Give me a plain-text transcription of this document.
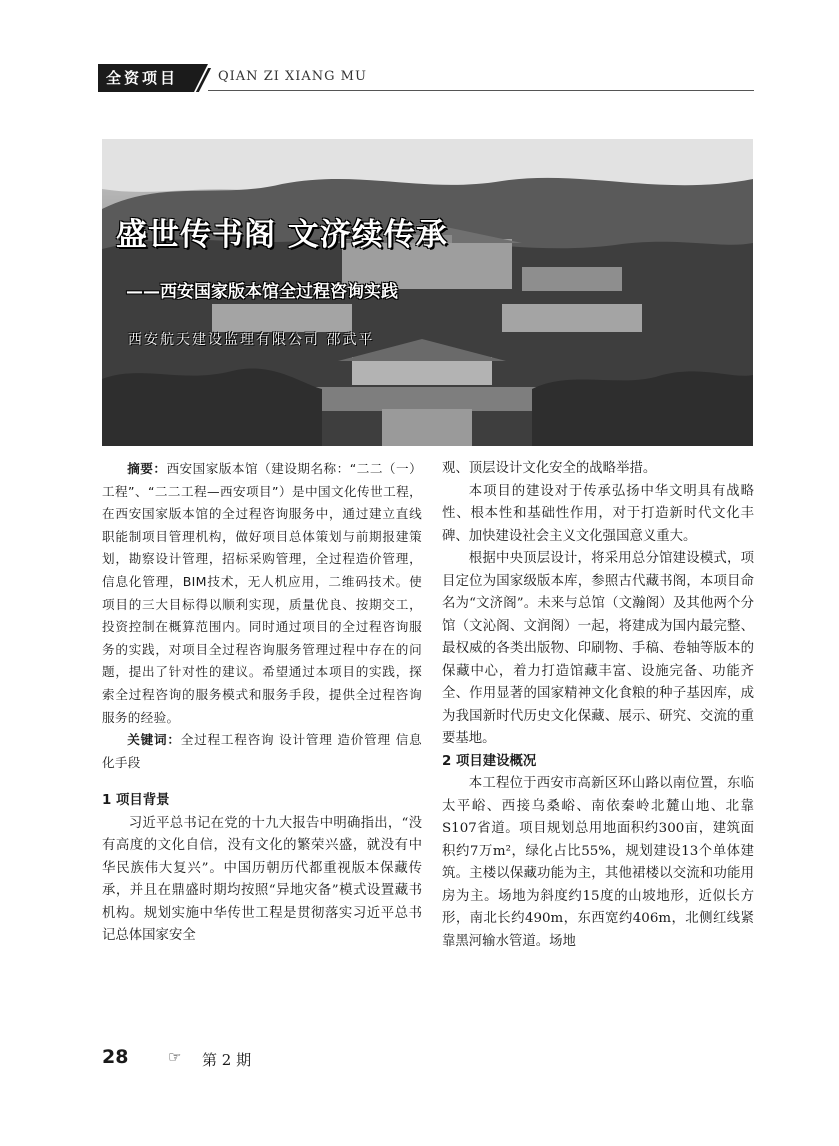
全资项目	QIAN ZI XIANG MU
盛世传书阁 文济续传承
——西安国家版本馆全过程咨询实践
西安航天建设监理有限公司 邵武平

摘要：西安国家版本馆（建设期名称：“二二（一）工程”、“二二工程—西安项目”）是中国文化传世工程，在西安国家版本馆的全过程咨询服务中，通过建立直线职能制项目管理机构，做好项目总体策划与前期报建策划，勘察设计管理，招标采购管理，全过程造价管理，信息化管理，BIM技术，无人机应用，二维码技术。使项目的三大目标得以顺利实现，质量优良、按期交工，投资控制在概算范围内。同时通过项目的全过程咨询服务的实践，对项目全过程咨询服务管理过程中存在的问题，提出了针对性的建议。希望通过本项目的实践，探索全过程咨询的服务模式和服务手段，提供全过程咨询服务的经验。

关键词：全过程工程咨询 设计管理 造价管理 信息化手段

1 项目背景

习近平总书记在党的十九大报告中明确指出，“没有高度的文化自信，没有文化的繁荣兴盛，就没有中华民族伟大复兴”。中国历朝历代都重视版本保藏传承，并且在鼎盛时期均按照“异地灾备”模式设置藏书机构。规划实施中华传世工程是贯彻落实习近平总书记总体国家安全

观、顶层设计文化安全的战略举措。

本项目的建设对于传承弘扬中华文明具有战略性、根本性和基础性作用，对于打造新时代文化丰碑、加快建设社会主义文化强国意义重大。

根据中央顶层设计，将采用总分馆建设模式，项目定位为国家级版本库，参照古代藏书阁，本项目命名为“文济阁”。未来与总馆（文瀚阁）及其他两个分馆（文沁阁、文润阁）一起，将建成为国内最完整、最权威的各类出版物、印刷物、手稿、卷轴等版本的保藏中心，着力打造馆藏丰富、设施完备、功能齐全、作用显著的国家精神文化食粮的种子基因库，成为我国新时代历史文化保藏、展示、研究、交流的重要基地。

2 项目建设概况

本工程位于西安市高新区环山路以南位置，东临太平峪、西接乌桑峪、南依秦岭北麓山地、北靠S107省道。项目规划总用地面积约300亩，建筑面积约7万m²，绿化占比55%，规划建设13个单体建筑。主楼以保藏功能为主，其他裙楼以交流和功能用房为主。场地为斜度约15度的山坡地形，近似长方形，南北长约490m，东西宽约406m，北侧红线紧靠黑河输水管道。场地

28	☞ 第 2 期
